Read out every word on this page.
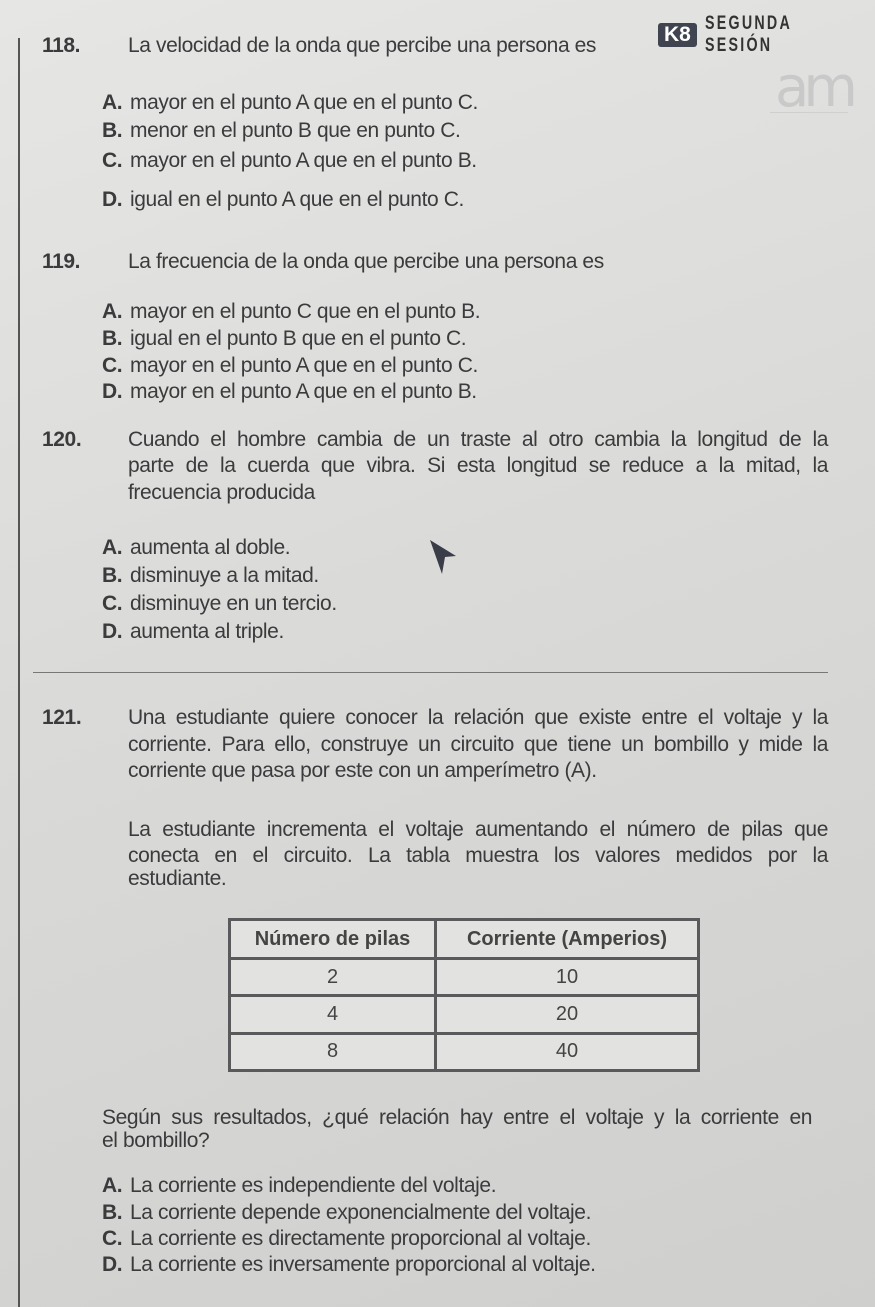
K8 SEGUNDA SESIÓN
am
118. La velocidad de la onda que percibe una persona es
A. mayor en el punto A que en el punto C.
B. menor en el punto B que en punto C.
C. mayor en el punto A que en el punto B.
D. igual en el punto A que en el punto C.
119. La frecuencia de la onda que percibe una persona es
A. mayor en el punto C que en el punto B.
B. igual en el punto B que en el punto C.
C. mayor en el punto A que en el punto C.
D. mayor en el punto A que en el punto B.
120. Cuando el hombre cambia de un traste al otro cambia la longitud de la
parte de la cuerda que vibra. Si esta longitud se reduce a la mitad, la
frecuencia producida
A. aumenta al doble.
B. disminuye a la mitad.
C. disminuye en un tercio.
D. aumenta al triple.
121. Una estudiante quiere conocer la relación que existe entre el voltaje y la
corriente. Para ello, construye un circuito que tiene un bombillo y mide la
corriente que pasa por este con un amperímetro (A).
La estudiante incrementa el voltaje aumentando el número de pilas que
conecta en el circuito. La tabla muestra los valores medidos por la
estudiante.
Número de pilas	Corriente (Amperios)
2	10
4	20
8	40
Según sus resultados, ¿qué relación hay entre el voltaje y la corriente en
el bombillo?
A. La corriente es independiente del voltaje.
B. La corriente depende exponencialmente del voltaje.
C. La corriente es directamente proporcional al voltaje.
D. La corriente es inversamente proporcional al voltaje.
